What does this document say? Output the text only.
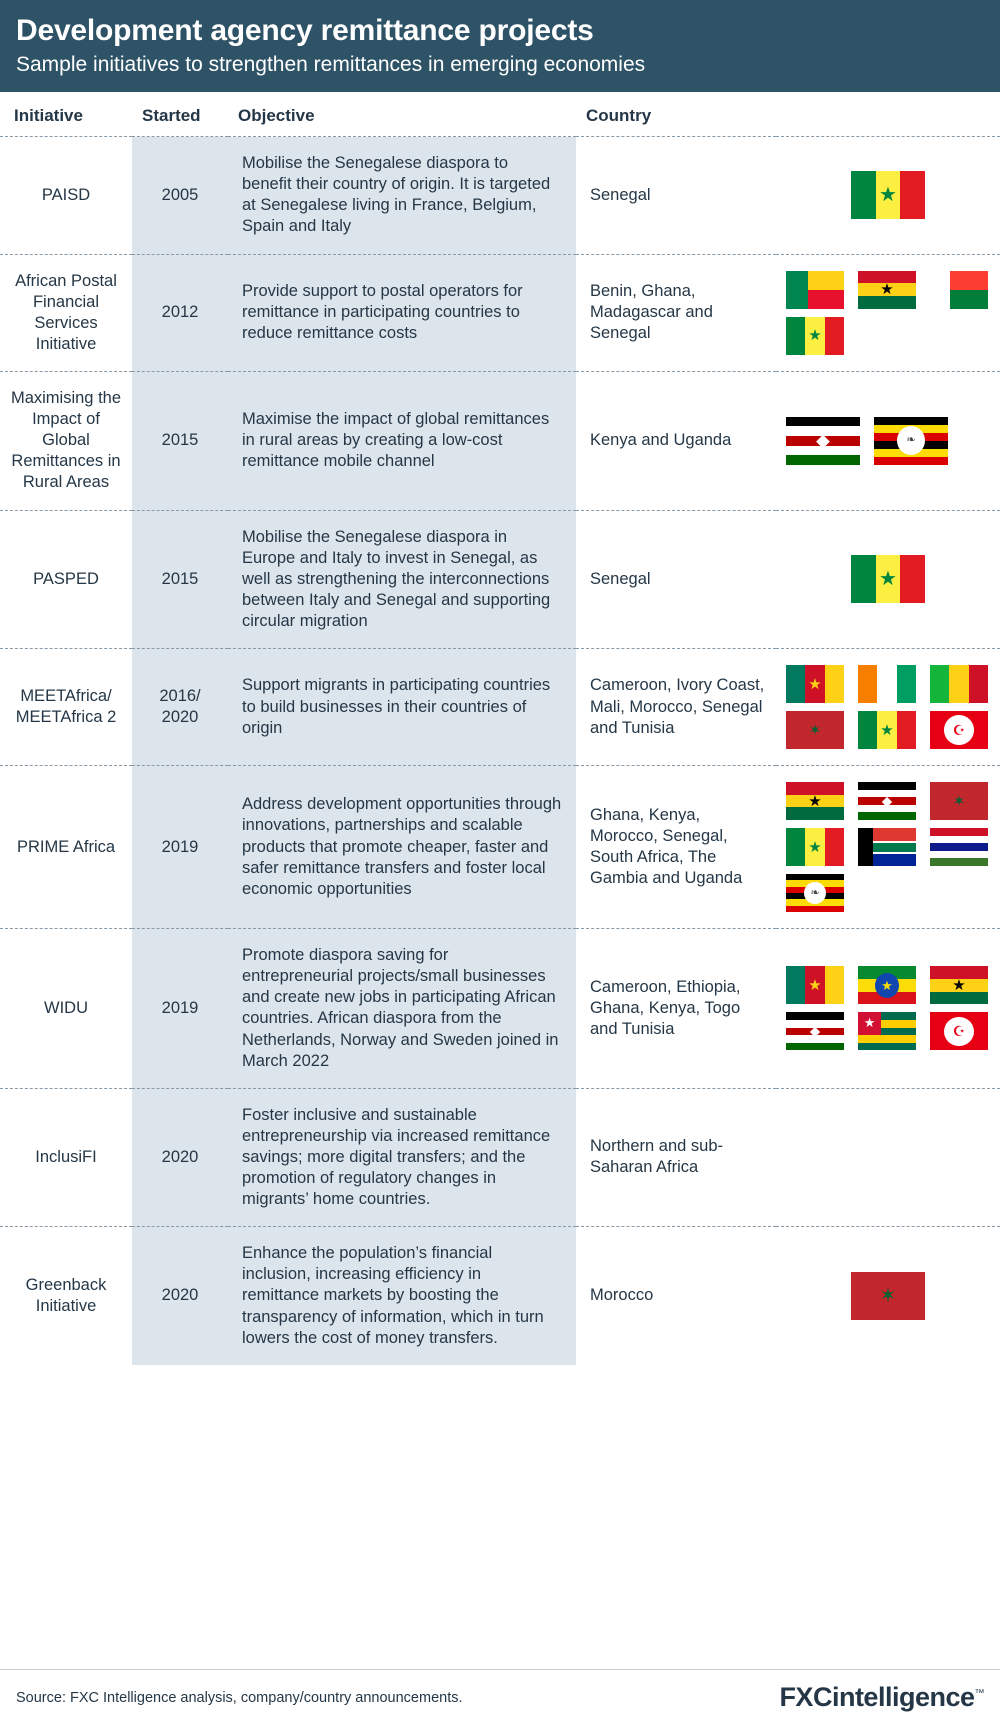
Development agency remittance projects
Sample initiatives to strengthen remittances in emerging economies
Initiative	Started	Objective	Country	
PAISD	2005	Mobilise the Senegalese diaspora to benefit their country of origin. It is targeted at Senegalese living in France, Belgium, Spain and Italy	Senegal	★

African Postal Financial Services Initiative	2012	Provide support to postal operators for remittance in participating countries to reduce remittance costs	Benin, Ghana, Madagascar and Senegal	★
★

Maximising the Impact of Global Remittances in Rural Areas	2015	Maximise the impact of global remittances in rural areas by creating a low-cost remittance mobile channel	Kenya and Uganda	⬥ ❧

PASPED	2015	Mobilise the Senegalese diaspora in Europe and Italy to invest in Senegal, as well as strengthening the interconnections between Italy and Senegal and supporting circular migration	Senegal	★

MEETAfrica/ MEETAfrica 2	2016/ 2020	Support migrants in participating countries to build businesses in their countries of origin	Cameroon, Ivory Coast, Mali, Morocco, Senegal and Tunisia	★
✶ ★ ☪

PRIME Africa	2019	Address development opportunities through innovations, partnerships and scalable products that promote cheaper, faster and safer remittance transfers and foster local economic opportunities	Ghana, Kenya, Morocco, Senegal, South Africa, The Gambia and Uganda	★ ⬥ ✶
★
❧

WIDU	2019	Promote diaspora saving for entrepreneurial projects/small businesses and create new jobs in participating African countries. African diaspora from the Netherlands, Norway and Sweden joined in March 2022	Cameroon, Ethiopia, Ghana, Kenya, Togo and Tunisia	
★	★	★
⬥	★
☪

InclusiFI	2020	Foster inclusive and sustainable entrepreneurship via increased remittance savings; more digital transfers; and the promotion of regulatory changes in migrants’ home countries.	Northern and sub-Saharan Africa	

Greenback Initiative	2020	Enhance the population’s financial inclusion, increasing efficiency in remittance markets by boosting the transparency of information, which in turn lowers the cost of money transfers.	Morocco	✶
Source: FXC Intelligence analysis, company/country announcements.	FXCintelligence™
